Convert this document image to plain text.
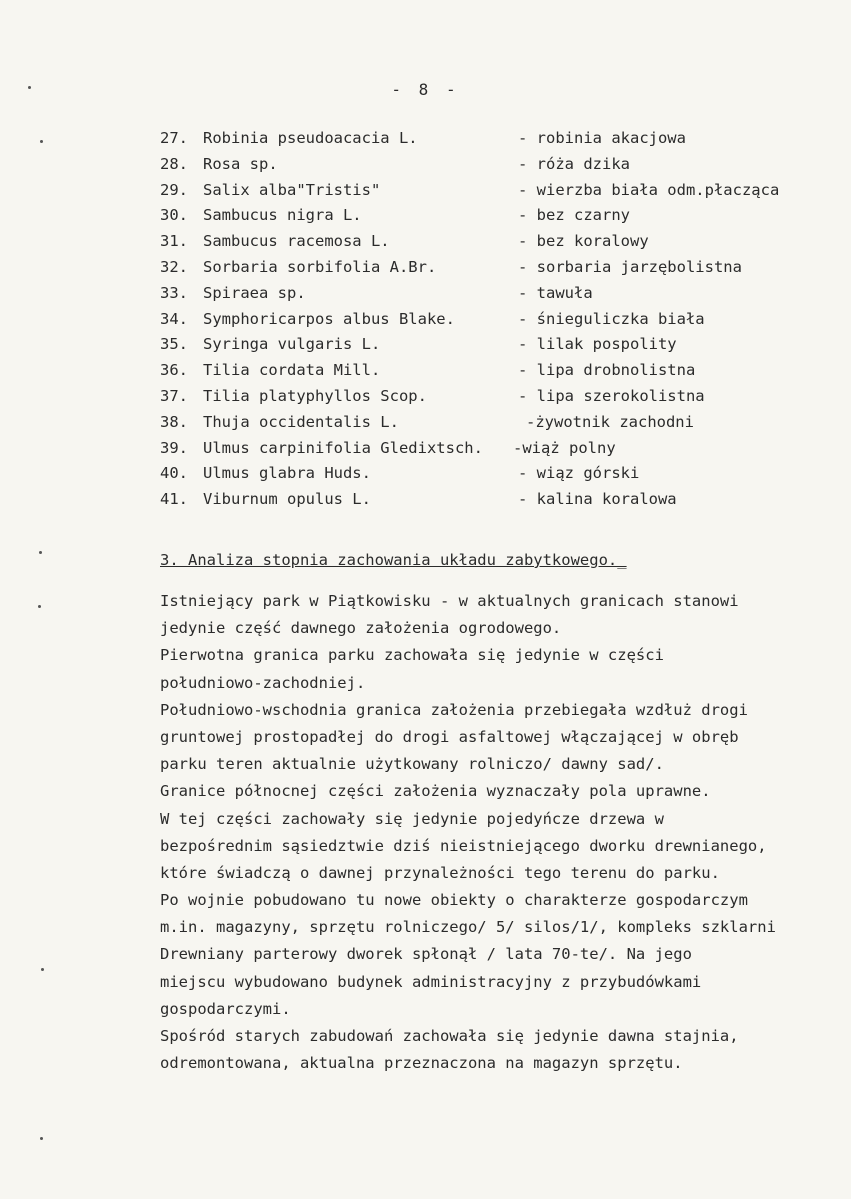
- 8 -
27. Robinia pseudoacacia L.	- robinia akacjowa
28. Rosa sp.	- róża dzika
29. Salix alba"Tristis"	- wierzba biała odm.płacząca
30. Sambucus nigra L.	- bez czarny
31. Sambucus racemosa L.	- bez koralowy
32. Sorbaria sorbifolia A.Br.	- sorbaria jarzębolistna
33. Spiraea sp.	- tawuła
34. Symphoricarpos albus Blake.	- śnieguliczka biała
35. Syringa vulgaris L.	- lilak pospolity
36. Tilia cordata Mill.	- lipa drobnolistna
37. Tilia platyphyllos Scop.	- lipa szerokolistna
38. Thuja occidentalis L.	-żywotnik zachodni
39. Ulmus carpinifolia Gledixtsch. -wiąż polny
40. Ulmus glabra Huds.	- wiąz górski
41. Viburnum opulus L.	- kalina koralowa
3. Analiza stopnia zachowania układu zabytkowego._
Istniejący park w Piątkowisku - w aktualnych granicach stanowi
jedynie część dawnego założenia ogrodowego.
Pierwotna granica parku zachowała się jedynie w części
południowo-zachodniej.
Południowo-wschodnia granica założenia przebiegała wzdłuż drogi
gruntowej prostopadłej do drogi asfaltowej włączającej w obręb
parku teren aktualnie użytkowany rolniczo/ dawny sad/.
Granice północnej części założenia wyznaczały pola uprawne.
W tej części zachowały się jedynie pojedyńcze drzewa w
bezpośrednim sąsiedztwie dziś nieistniejącego dworku drewnianego,
które świadczą o dawnej przynależności tego terenu do parku.
Po wojnie pobudowano tu nowe obiekty o charakterze gospodarczym
m.in. magazyny, sprzętu rolniczego/ 5/ silos/1/, kompleks szklarni
Drewniany parterowy dworek spłonął / lata 70-te/. Na jego
miejscu wybudowano budynek administracyjny z przybudówkami
gospodarczymi.
Spośród starych zabudowań zachowała się jedynie dawna stajnia,
odremontowana, aktualna przeznaczona na magazyn sprzętu.
